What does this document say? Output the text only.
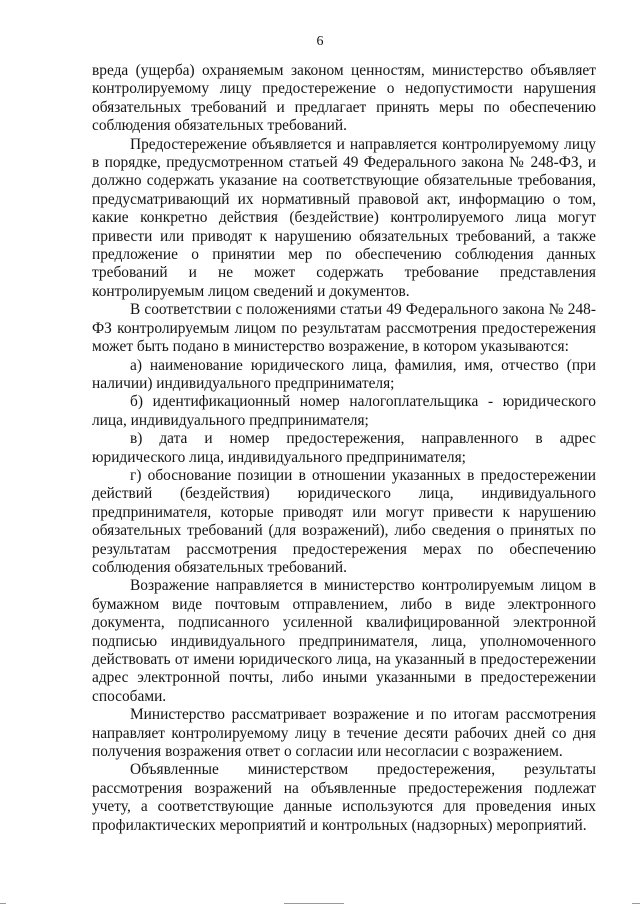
6

вреда (ущерба) охраняемым законом ценностям, министерство объявляет контролируемому лицу предостережение о недопустимости нарушения обязательных требований и предлагает принять меры по обеспечению соблюдения обязательных требований.

Предостережение объявляется и направляется контролируемому лицу в порядке, предусмотренном статьей 49 Федерального закона № 248-ФЗ, и должно содержать указание на соответствующие обязательные требования, предусматривающий их нормативный правовой акт, информацию о том, какие конкретно действия (бездействие) контролируемого лица могут привести или приводят к нарушению обязательных требований, а также предложение о принятии мер по обеспечению соблюдения данных требований и не может содержать требование представления контролируемым лицом сведений и документов.

В соответствии с положениями статьи 49 Федерального закона № 248-ФЗ контролируемым лицом по результатам рассмотрения предостережения может быть подано в министерство возражение, в котором указываются:

а) наименование юридического лица, фамилия, имя, отчество (при наличии) индивидуального предпринимателя;

б) идентификационный номер налогоплательщика - юридического лица, индивидуального предпринимателя;

в) дата и номер предостережения, направленного в адрес юридического лица, индивидуального предпринимателя;

г) обоснование позиции в отношении указанных в предостережении действий (бездействия) юридического лица, индивидуального предпринимателя, которые приводят или могут привести к нарушению обязательных требований (для возражений), либо сведения о принятых по результатам рассмотрения предостережения мерах по обеспечению соблюдения обязательных требований.

Возражение направляется в министерство контролируемым лицом в бумажном виде почтовым отправлением, либо в виде электронного документа, подписанного усиленной квалифицированной электронной подписью индивидуального предпринимателя, лица, уполномоченного действовать от имени юридического лица, на указанный в предостережении адрес электронной почты, либо иными указанными в предостережении способами.

Министерство рассматривает возражение и по итогам рассмотрения направляет контролируемому лицу в течение десяти рабочих дней со дня получения возражения ответ о согласии или несогласии с возражением.

Объявленные министерством предостережения, результаты рассмотрения возражений на объявленные предостережения подлежат учету, а соответствующие данные используются для проведения иных профилактических мероприятий и контрольных (надзорных) мероприятий.
